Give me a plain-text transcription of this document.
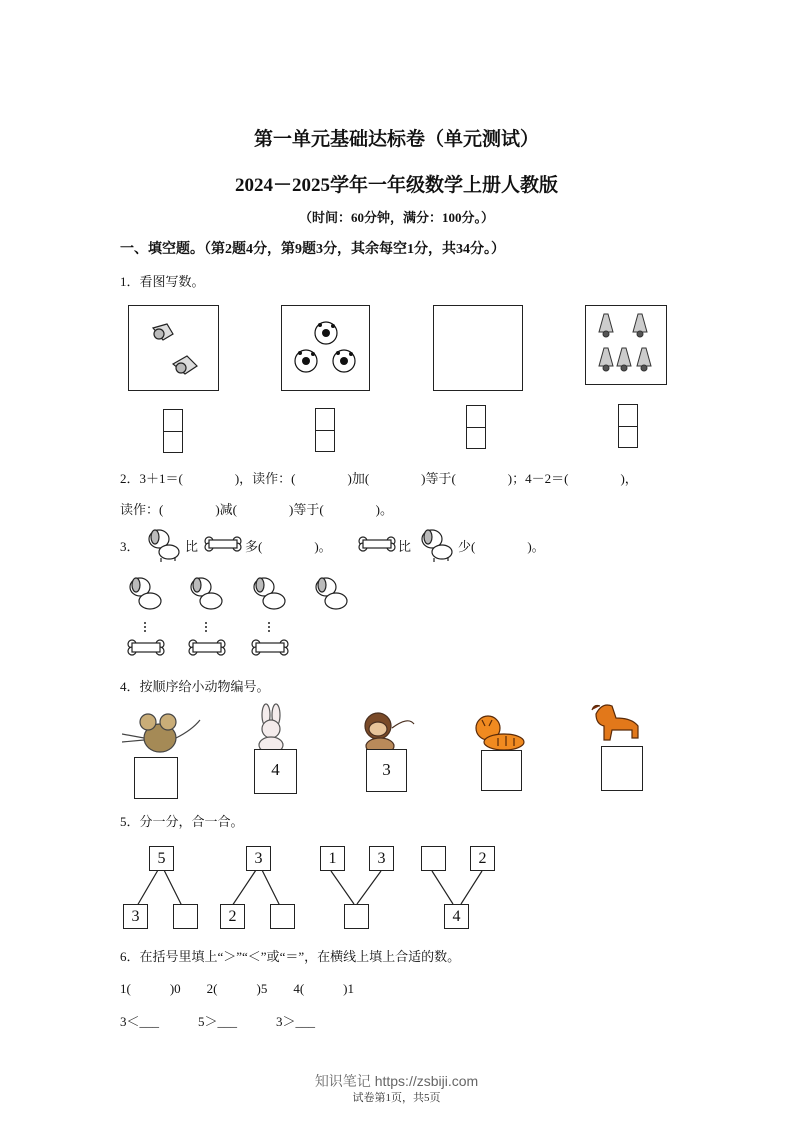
第一单元基础达标卷（单元测试）
2024－2025学年一年级数学上册人教版
（时间：60分钟，满分：100分。）
一、填空题。（第2题4分，第9题3分，其余每空1分，共34分。）
1．看图写数。
2．3＋1＝(　　　　)，读作：(　　　　)加(　　　　)等于(　　　　)；4－2＝(　　　　)，
读作：(　　　　)减(　　　　)等于(　　　　)。
3．	比	多(　　　　)。	比	少(　　　　)。
4．按顺序给小动物编号。
4	3
5．分一分，合一合。
5
3
3
2
1	3	2
4
6．在括号里填上“＞”“＜”或“＝”，在横线上填上合适的数。
1(　　　)0　　2(　　　)5　　4(　　　)1
3＜___　　　5＞___　　　3＞___
知识笔记 https://zsbiji.com
试卷第1页，共5页
